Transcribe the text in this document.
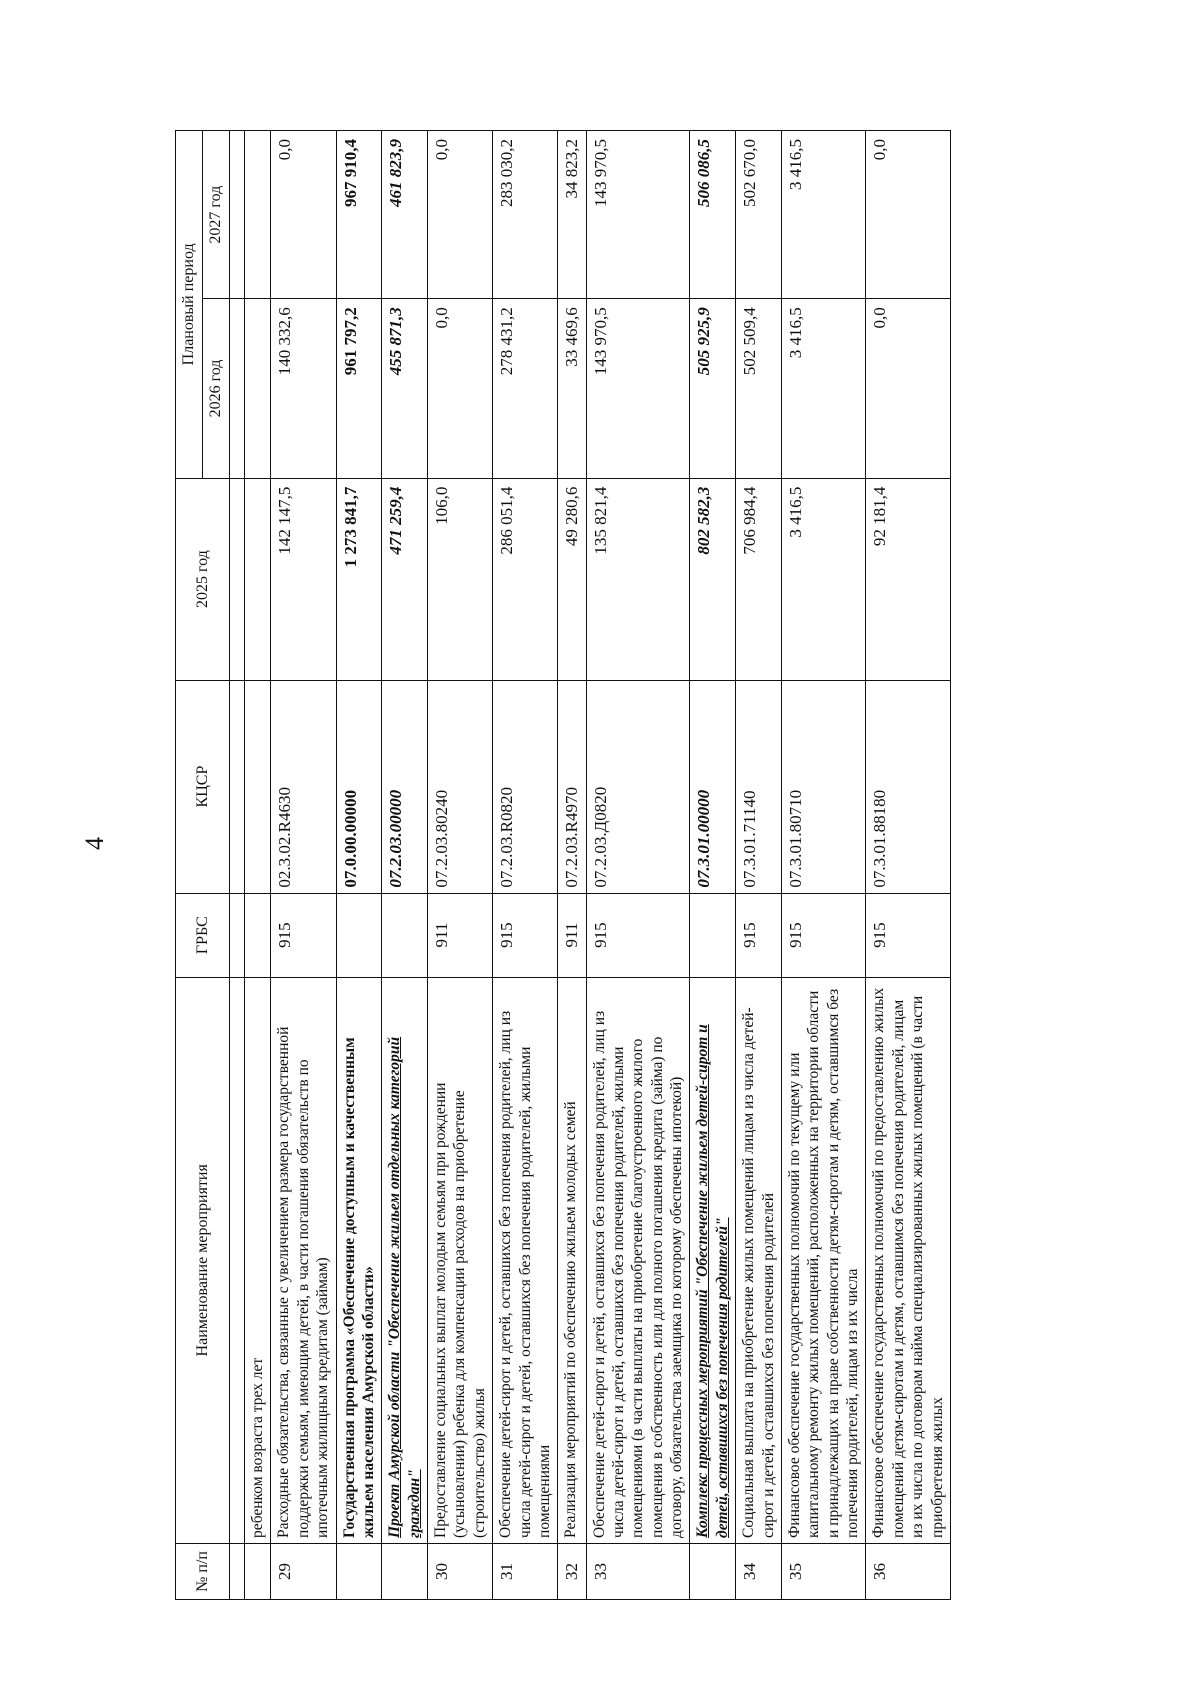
4
№ п/п	Наименование мероприятия	ГРБС	КЦСР	2025 год	Плановый период	
					2026 год	2027 год

	ребенком возраста трех лет					
29	Расходные обязательства, связанные с увеличением размера государственной поддержки семьям, имеющим детей, в части погашения обязательств по ипотечным жилищным кредитам (займам)	915	02.3.02.R4630	142 147,5	140 332,6	0,0
	Государственная программа «Обеспечение доступным и качественным жильем населения Амурской области»		07.0.00.00000	1 273 841,7	961 797,2	967 910,4
	Проект Амурской области "Обеспечение жильем отдельных категорий граждан"		07.2.03.00000	471 259,4	455 871,3	461 823,9
30	Предоставление социальных выплат молодым семьям при рождении (усыновлении) ребенка для компенсации расходов на приобретение (строительство) жилья	911	07.2.03.80240	106,0	0,0	0,0
31	Обеспечение детей-сирот и детей, оставшихся без попечения родителей, лиц из числа детей-сирот и детей, оставшихся без попечения родителей, жилыми помещениями	915	07.2.03.R0820	286 051,4	278 431,2	283 030,2
32	Реализация мероприятий по обеспечению жильем молодых семей	911	07.2.03.R4970	49 280,6	33 469,6	34 823,2
33	Обеспечение детей-сирот и детей, оставшихся без попечения родителей, лиц из числа детей-сирот и детей, оставшихся без попечения родителей, жилыми помещениями (в части выплаты на приобретение благоустроенного жилого помещения в собственность или для полного погашения кредита (займа) по договору, обязательства заемщика по которому обеспечены ипотекой)	915	07.2.03.Д0820	135 821,4	143 970,5	143 970,5
	Комплекс процессных мероприятий "Обеспечение жильем детей-сирот и детей, оставшихся без попечения родителей"		07.3.01.00000	802 582,3	505 925,9	506 086,5
34	Социальная выплата на приобретение жилых помещений лицам из числа детей-сирот и детей, оставшихся без попечения родителей	915	07.3.01.71140	706 984,4	502 509,4	502 670,0
35	Финансовое обеспечение государственных полномочий по текущему или капитальному ремонту жилых помещений, расположенных на территории области и принадлежащих на праве собственности детям-сиротам и детям, оставшимся без попечения родителей, лицам из их числа	915	07.3.01.80710	3 416,5	3 416,5	3 416,5
36	Финансовое обеспечение государственных полномочий по предоставлению жилых помещений детям-сиротам и детям, оставшимся без попечения родителей, лицам из их числа по договорам найма специализированных жилых помещений (в части приобретения жилых	915	07.3.01.88180	92 181,4	0,0	0,0
